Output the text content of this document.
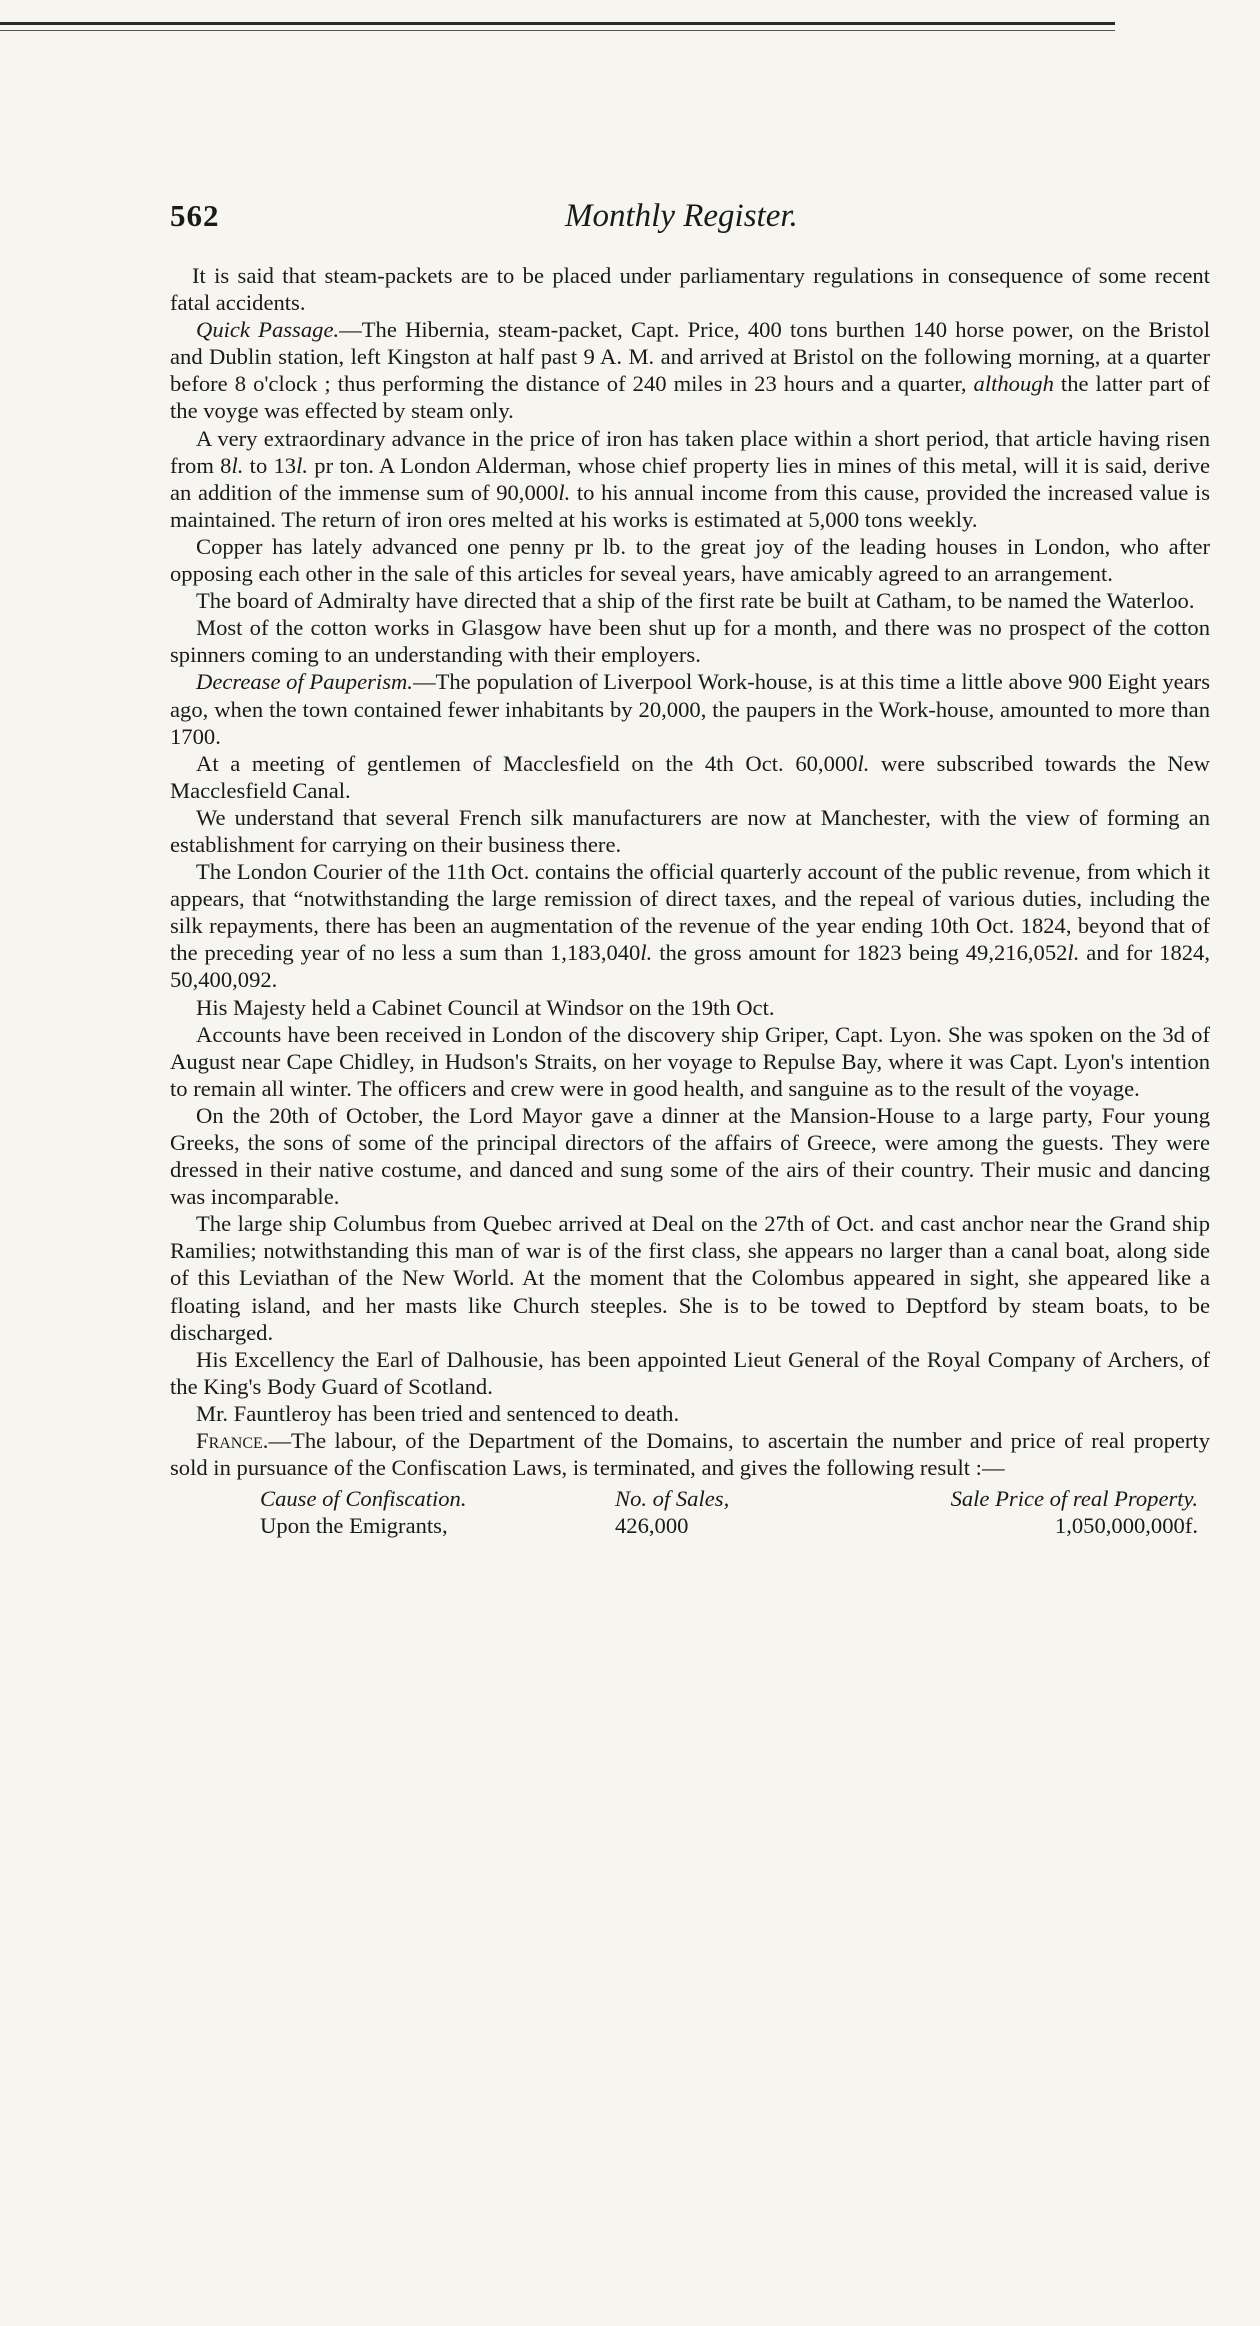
562	Monthly Register.

It is said that steam-packets are to be placed under parliamentary regulations in consequence of some recent fatal accidents.

Quick Passage.—The Hibernia, steam-packet, Capt. Price, 400 tons burthen 140 horse power, on the Bristol and Dublin station, left Kingston at half past 9 A. M. and arrived at Bristol on the following morning, at a quarter before 8 o'clock ; thus performing the distance of 240 miles in 23 hours and a quarter, although the latter part of the voyge was effected by steam only.

A very extraordinary advance in the price of iron has taken place within a short period, that article having risen from 8l. to 13l. pr ton. A London Alderman, whose chief property lies in mines of this metal, will it is said, derive an addition of the immense sum of 90,000l. to his annual income from this cause, provided the increased value is maintained. The return of iron ores melted at his works is estimated at 5,000 tons weekly.

Copper has lately advanced one penny pr lb. to the great joy of the leading houses in London, who after opposing each other in the sale of this articles for seveal years, have amicably agreed to an arrangement.

The board of Admiralty have directed that a ship of the first rate be built at Catham, to be named the Waterloo.

Most of the cotton works in Glasgow have been shut up for a month, and there was no prospect of the cotton spinners coming to an understanding with their employers.

Decrease of Pauperism.—The population of Liverpool Work-house, is at this time a little above 900 Eight years ago, when the town contained fewer inhabitants by 20,000, the paupers in the Work-house, amounted to more than 1700.

At a meeting of gentlemen of Macclesfield on the 4th Oct. 60,000l. were subscribed towards the New Macclesfield Canal.

We understand that several French silk manufacturers are now at Manchester, with the view of forming an establishment for carrying on their business there.

The London Courier of the 11th Oct. contains the official quarterly account of the public revenue, from which it appears, that “notwithstanding the large remission of direct taxes, and the repeal of various duties, including the silk repayments, there has been an augmentation of the revenue of the year ending 10th Oct. 1824, beyond that of the preceding year of no less a sum than 1,183,040l. the gross amount for 1823 being 49,216,052l. and for 1824, 50,400,092.

His Majesty held a Cabinet Council at Windsor on the 19th Oct.

Accounts have been received in London of the discovery ship Griper, Capt. Lyon. She was spoken on the 3d of August near Cape Chidley, in Hudson's Straits, on her voyage to Repulse Bay, where it was Capt. Lyon's intention to remain all winter. The officers and crew were in good health, and sanguine as to the result of the voyage.

On the 20th of October, the Lord Mayor gave a dinner at the Mansion-House to a large party, Four young Greeks, the sons of some of the principal directors of the affairs of Greece, were among the guests. They were dressed in their native costume, and danced and sung some of the airs of their country. Their music and dancing was incomparable.

The large ship Columbus from Quebec arrived at Deal on the 27th of Oct. and cast anchor near the Grand ship Ramilies; notwithstanding this man of war is of the first class, she appears no larger than a canal boat, along side of this Leviathan of the New World. At the moment that the Colombus appeared in sight, she appeared like a floating island, and her masts like Church steeples. She is to be towed to Deptford by steam boats, to be discharged.

His Excellency the Earl of Dalhousie, has been appointed Lieut General of the Royal Company of Archers, of the King's Body Guard of Scotland.

Mr. Fauntleroy has been tried and sentenced to death.

France.—The labour, of the Department of the Domains, to ascertain the number and price of real property sold in pursuance of the Confiscation Laws, is terminated, and gives the following result :—

Cause of Confiscation.	No. of Sales,	Sale Price of real Property.
Upon the Emigrants,	426,000	1,050,000,000f.
